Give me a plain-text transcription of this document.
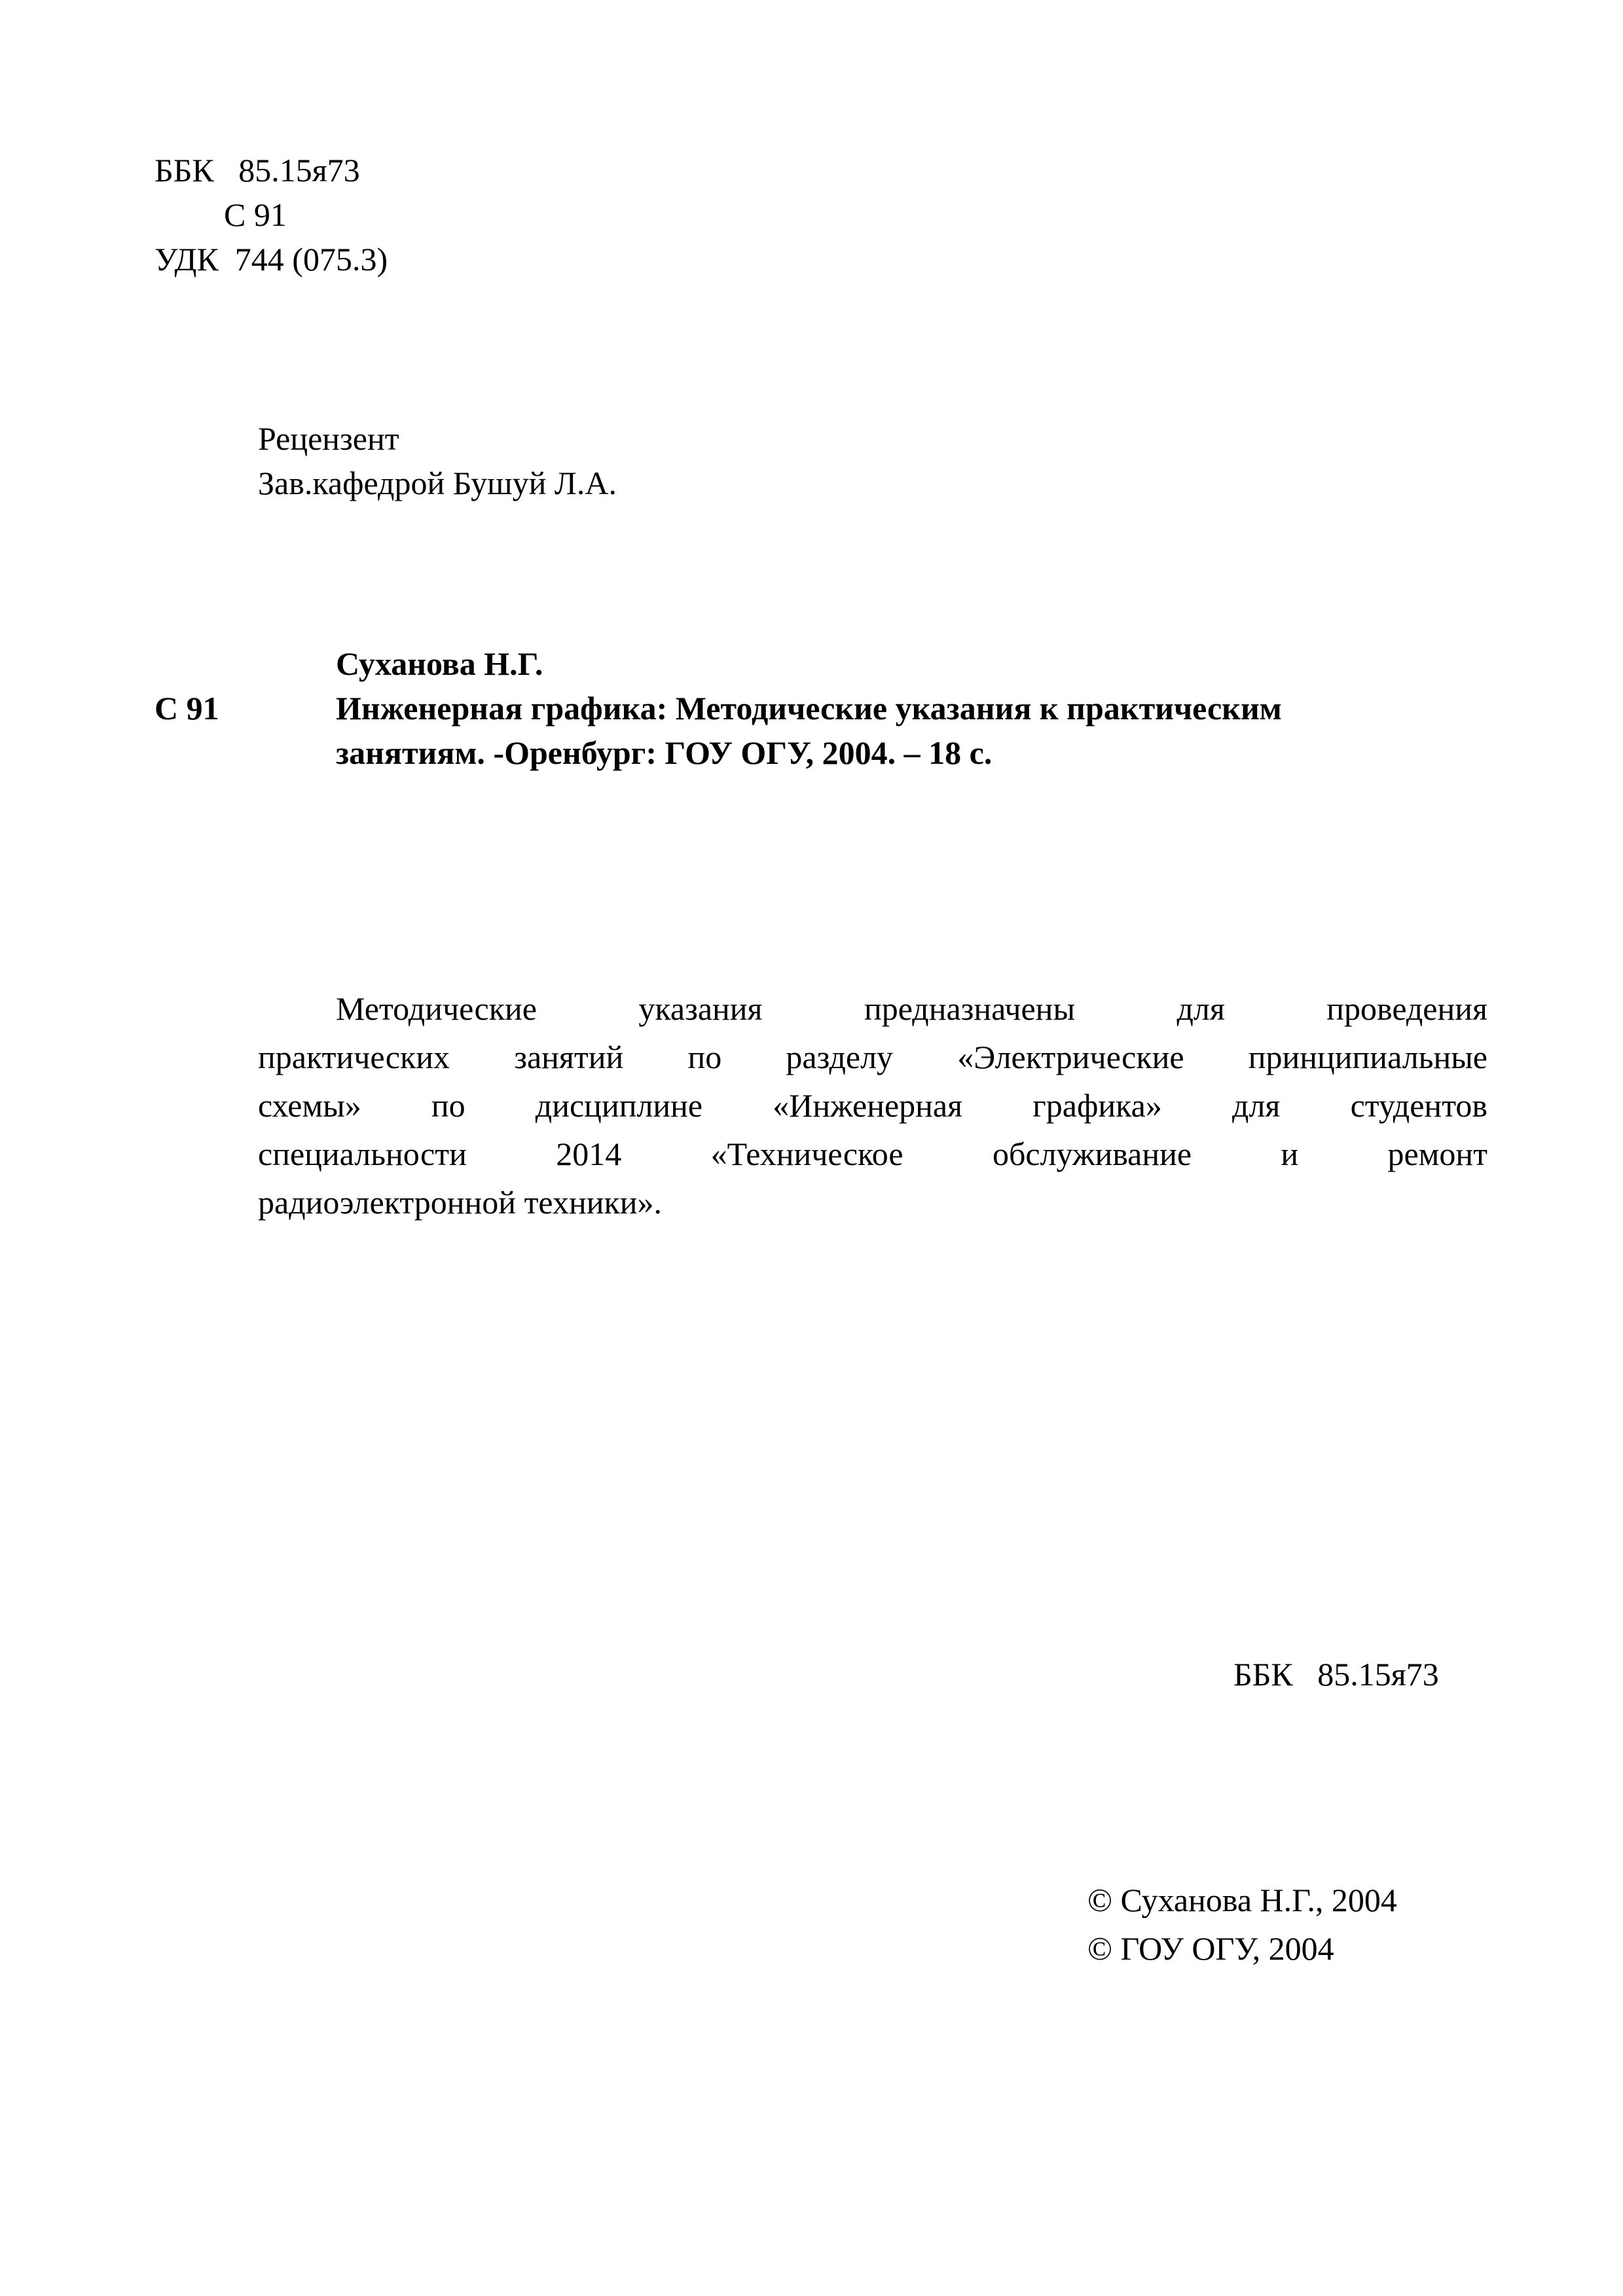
ББК   85.15я73
С 91
УДК  744 (075.3)
Рецензент
Зав.кафедрой Бушуй Л.А.
С 91
Суханова Н.Г.
Инженерная графика: Методические указания к практическим
занятиям. -Оренбург: ГОУ ОГУ, 2004. – 18 с.
Методические указания предназначены для проведения
практических занятий по разделу «Электрические принципиальные
схемы» по дисциплине «Инженерная графика» для студентов
специальности 2014 «Техническое обслуживание и ремонт
радиоэлектронной техники».
ББК   85.15я73
© Суханова Н.Г., 2004
© ГОУ ОГУ, 2004
